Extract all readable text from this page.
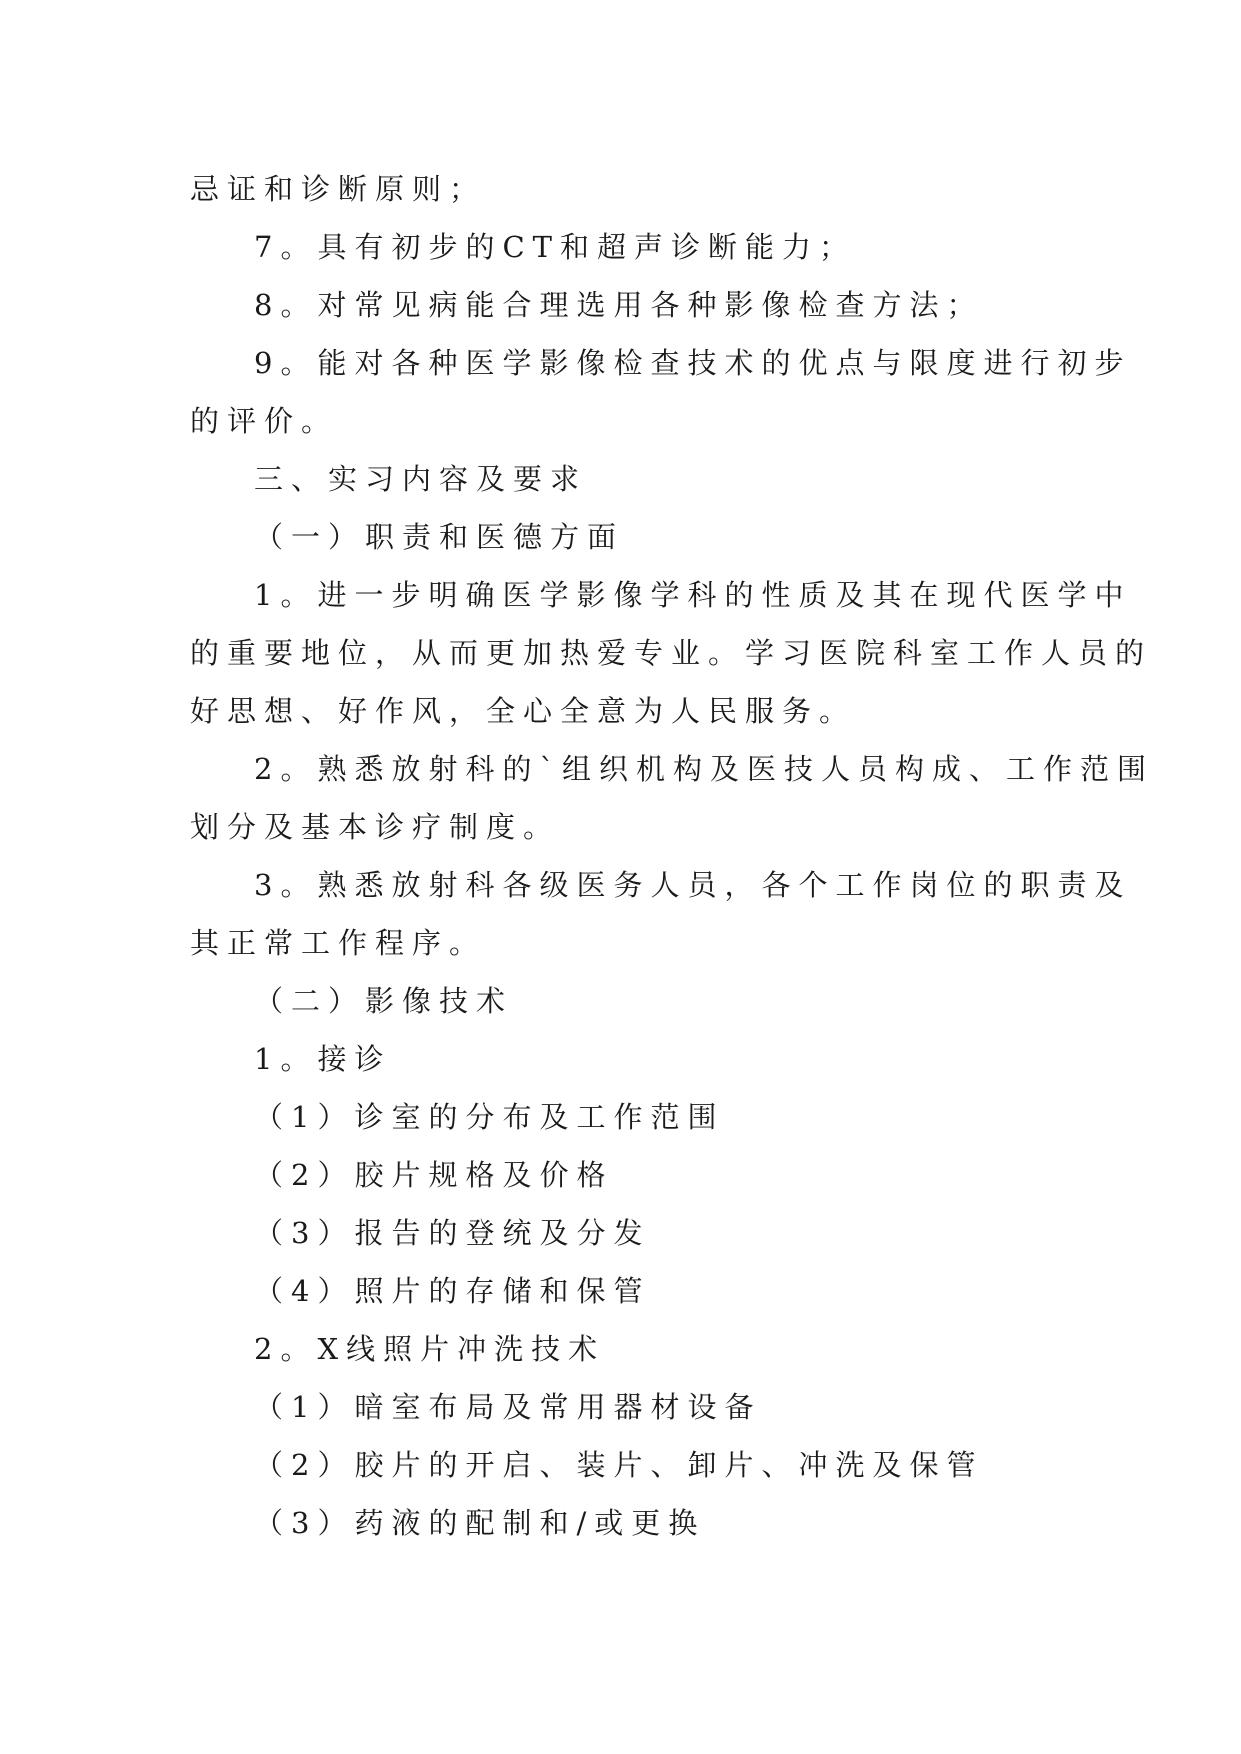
忌证和诊断原则；
7。具有初步的CT和超声诊断能力；
8。对常见病能合理选用各种影像检查方法；
9。能对各种医学影像检查技术的优点与限度进行初步
的评价。
三、实习内容及要求
（一）职责和医德方面
1。进一步明确医学影像学科的性质及其在现代医学中
的重要地位，从而更加热爱专业。学习医院科室工作人员的
好思想、好作风，全心全意为人民服务。
2。熟悉放射科的`组织机构及医技人员构成、工作范围
划分及基本诊疗制度。
3。熟悉放射科各级医务人员，各个工作岗位的职责及
其正常工作程序。
（二）影像技术
1。接诊
（1）诊室的分布及工作范围
（2）胶片规格及价格
（3）报告的登统及分发
（4）照片的存储和保管
2。X线照片冲洗技术
（1）暗室布局及常用器材设备
（2）胶片的开启、装片、卸片、冲洗及保管
（3）药液的配制和/或更换
